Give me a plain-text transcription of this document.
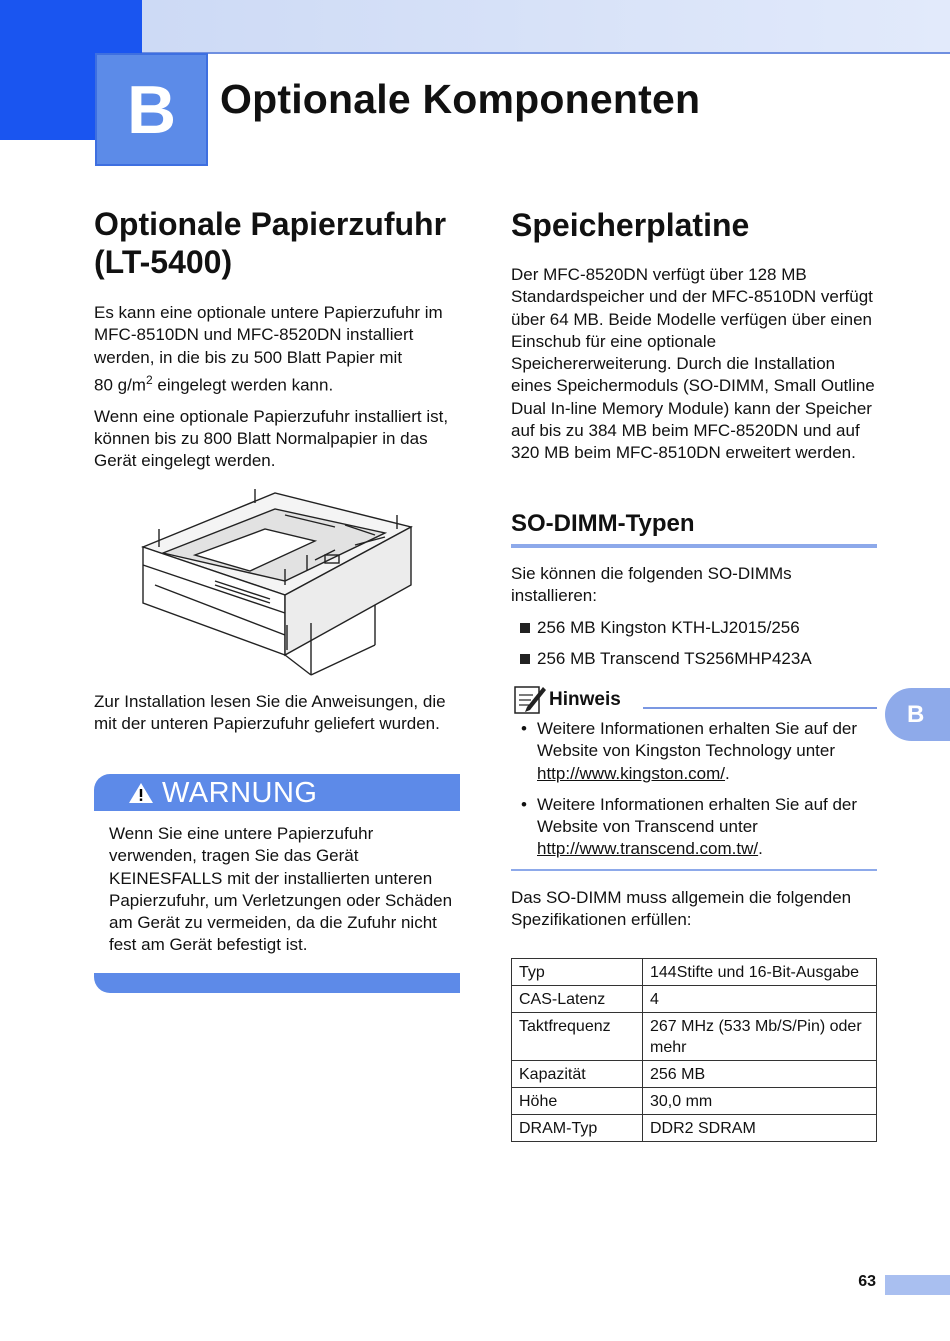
B	Optionale Komponenten
Optionale Papierzufuhr (LT-5400)

Es kann eine optionale untere Papierzufuhr im MFC-8510DN und MFC-8520DN installiert werden, in die bis zu 500 Blatt Papier mit
80 $g/m^2$ eingelegt werden kann.

Wenn eine optionale Papierzufuhr installiert ist, können bis zu 800 Blatt Normalpapier in das Gerät eingelegt werden.

Zur Installation lesen Sie die Anweisungen, die mit der unteren Papierzufuhr geliefert wurden.

WARNUNG
Wenn Sie eine untere Papierzufuhr verwenden, tragen Sie das Gerät KEINESFALLS mit der installierten unteren Papierzufuhr, um Verletzungen oder Schäden am Gerät zu vermeiden, da die Zufuhr nicht fest am Gerät befestigt ist.
Speicherplatine

Der MFC-8520DN verfügt über 128 MB Standardspeicher und der MFC-8510DN verfügt über 64 MB. Beide Modelle verfügen über einen Einschub für eine optionale Speichererweiterung. Durch die Installation eines Speichermoduls (SO-DIMM, Small Outline Dual In-line Memory Module) kann der Speicher auf bis zu 384 MB beim MFC-8520DN und auf 320 MB beim MFC-8510DN erweitert werden.

SO-DIMM-Typen

Sie können die folgenden SO-DIMMs installieren:

256 MB Kingston KTH-LJ2015/256
256 MB Transcend TS256MHP423A
Hinweis
• Weitere Informationen erhalten Sie auf der Website von Kingston Technology unter http://www.kingston.com/.
• Weitere Informationen erhalten Sie auf der Website von Transcend unter http://www.transcend.com.tw/.

Das SO-DIMM muss allgemein die folgenden Spezifikationen erfüllen:

Typ	144Stifte und 16-Bit-Ausgabe
CAS-Latenz	4
Taktfrequenz	267 MHz (533 Mb/S/Pin) oder mehr
Kapazität	256 MB
Höhe	30,0 mm
DRAM-Typ	DDR2 SDRAM
B
63
